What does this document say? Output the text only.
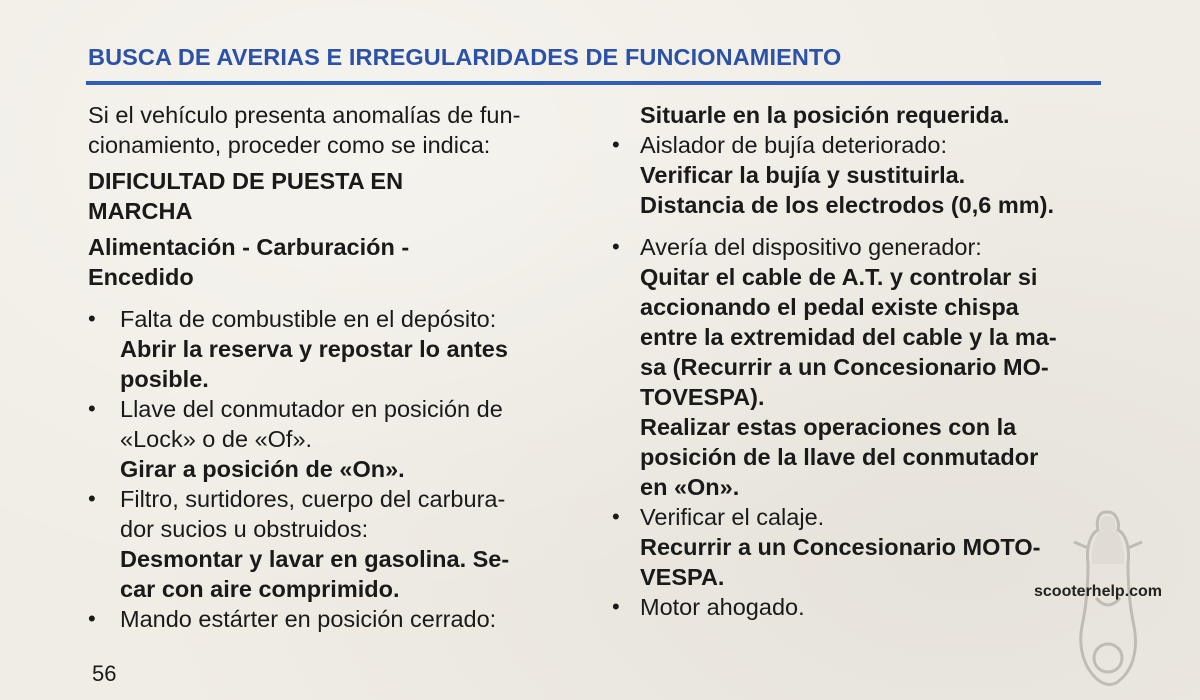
BUSCA DE AVERIAS E IRREGULARIDADES DE FUNCIONAMIENTO
Si el vehículo presenta anomalías de fun-
cionamiento, proceder como se indica:
DIFICULTAD DE PUESTA EN
MARCHA
Alimentación - Carburación -
Encedido
• Falta de combustible en el depósito:
Abrir la reserva y repostar lo antes
posible.
• Llave del conmutador en posición de
«Lock» o de «Of».
Girar a posición de «On».
• Filtro, surtidores, cuerpo del carbura-
dor sucios u obstruidos:
Desmontar y lavar en gasolina. Se-
car con aire comprimido.
• Mando estárter en posición cerrado:
Situarle en la posición requerida.
• Aislador de bujía deteriorado:
Verificar la bujía y sustituirla.
Distancia de los electrodos (0,6 mm).
• Avería del dispositivo generador:
Quitar el cable de A.T. y controlar si
accionando el pedal existe chispa
entre la extremidad del cable y la ma-
sa (Recurrir a un Concesionario MO-
TOVESPA).
Realizar estas operaciones con la
posición de la llave del conmutador
en «On».
• Verificar el calaje.
Recurrir a un Concesionario MOTO-
VESPA.
• Motor ahogado.
56
scooterhelp.com
